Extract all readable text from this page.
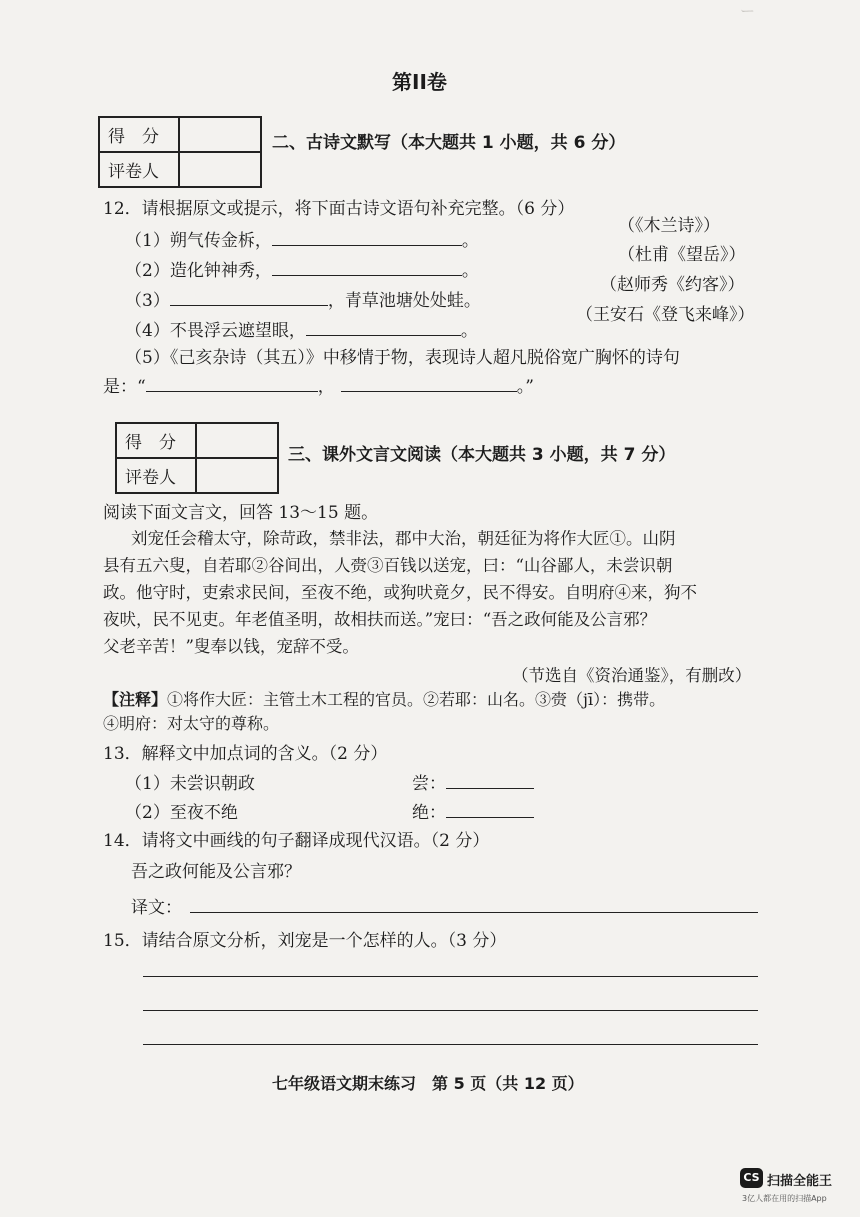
ー
第II卷
得　分	
评卷人	
二、古诗文默写（本大题共 1 小题，共 6 分）
12．请根据原文或提示，将下面古诗文语句补充完整。（6 分）
（《木兰诗》）
（1）朔气传金柝，	。
（杜甫《望岳》）
（2）造化钟神秀，	。
（赵师秀《约客》）
（3）	，青草池塘处处蛙。
（王安石《登飞来峰》）
（4）不畏浮云遮望眼，	。
（5）《己亥杂诗（其五）》中移情于物，表现诗人超凡脱俗宽广胸怀的诗句
是：“	，	。”
得　分	
评卷人	
三、课外文言文阅读（本大题共 3 小题，共 7 分）
阅读下面文言文，回答 13～15 题。
刘宠任会稽太守，除苛政，禁非法，郡中大治，朝廷征为将作大匠①。山阴
县有五六叟，自若耶②谷间出，人赍③百钱以送宠，曰：“山谷鄙人，未尝识朝
政。他守时，吏索求民间，至夜不绝，或狗吠竟夕，民不得安。自明府④来，狗不
夜吠，民不见吏。年老值圣明，故相扶而送。”宠曰：“吾之政何能及公言邪？
父老辛苦！”叟奉以钱，宠辞不受。
（节选自《资治通鉴》，有删改）
【注释】①将作大匠：主管土木工程的官员。②若耶：山名。③赍（jī）：携带。
④明府：对太守的尊称。
13．解释文中加点词的含义。（2 分）
（1）未尝识朝政	尝：
（2）至夜不绝	绝：
14．请将文中画线的句子翻译成现代汉语。（2 分）
吾之政何能及公言邪？
译文：
15．请结合原文分析，刘宠是一个怎样的人。（3 分）
七年级语文期末练习　第 5 页（共 12 页）
CS 扫描全能王
3亿人都在用的扫描App
